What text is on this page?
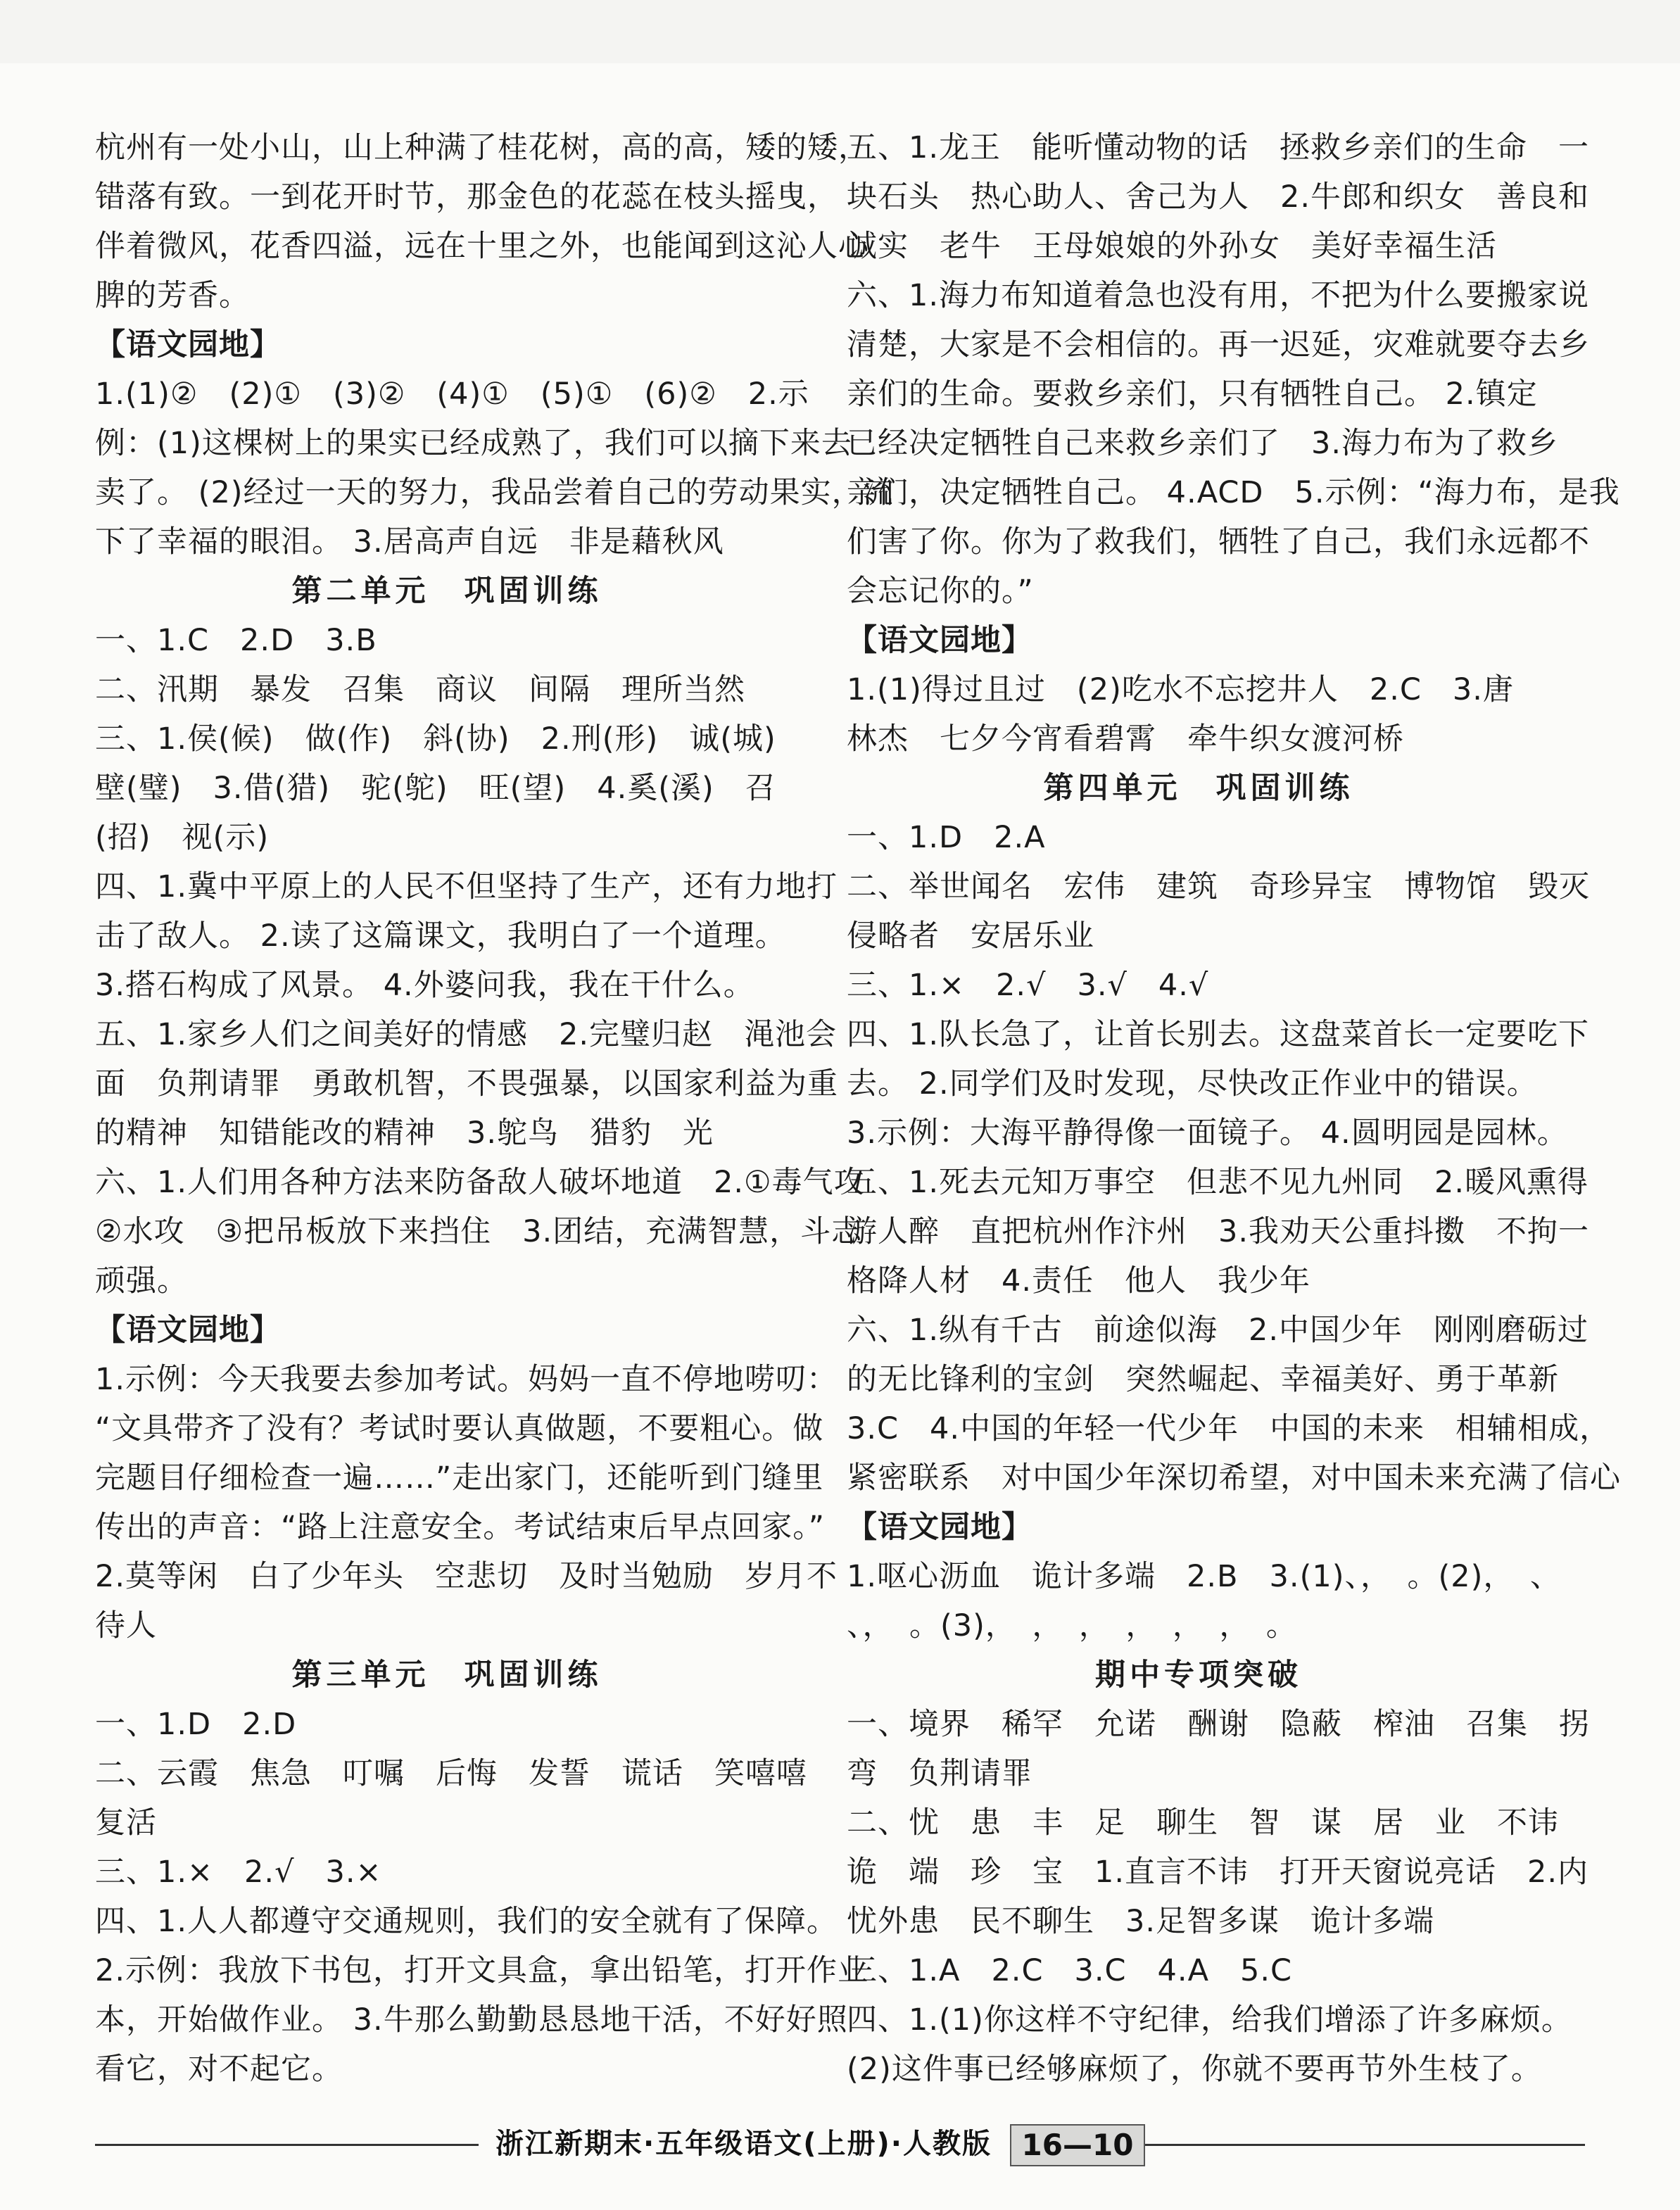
杭州有一处小山，山上种满了桂花树，高的高，矮的矮，
错落有致。一到花开时节，那金色的花蕊在枝头摇曳，
伴着微风，花香四溢，远在十里之外，也能闻到这沁人心
脾的芳香。
【语文园地】
1.(1)②　(2)①　(3)②　(4)①　(5)①　(6)②　2.示
例：(1)这棵树上的果实已经成熟了，我们可以摘下来去
卖了。 (2)经过一天的努力，我品尝着自己的劳动果实，流
下了幸福的眼泪。 3.居高声自远　非是藉秋风
第二单元　巩固训练
一、1.C　2.D　3.B
二、汛期　暴发　召集　商议　间隔　理所当然
三、1.侯(候)　做(作)　斜(协)　2.刑(形)　诚(城)
壁(璧)　3.借(猎)　驼(鸵)　旺(望)　4.奚(溪)　召
(招)　视(示)
四、1.冀中平原上的人民不但坚持了生产，还有力地打
击了敌人。 2.读了这篇课文，我明白了一个道理。
3.搭石构成了风景。 4.外婆问我，我在干什么。
五、1.家乡人们之间美好的情感　2.完璧归赵　渑池会
面　负荆请罪　勇敢机智，不畏强暴，以国家利益为重
的精神　知错能改的精神　3.鸵鸟　猎豹　光
六、1.人们用各种方法来防备敌人破坏地道　2.①毒气攻
②水攻　③把吊板放下来挡住　3.团结，充满智慧，斗志
顽强。
【语文园地】
1.示例：今天我要去参加考试。妈妈一直不停地唠叨：
“文具带齐了没有？考试时要认真做题，不要粗心。做
完题目仔细检查一遍……”走出家门，还能听到门缝里
传出的声音：“路上注意安全。考试结束后早点回家。”
2.莫等闲　白了少年头　空悲切　及时当勉励　岁月不
待人
第三单元　巩固训练
一、1.D　2.D
二、云霞　焦急　叮嘱　后悔　发誓　谎话　笑嘻嘻
复活
三、1.×　2.√　3.×
四、1.人人都遵守交通规则，我们的安全就有了保障。
2.示例：我放下书包，打开文具盒，拿出铅笔，打开作业
本，开始做作业。 3.牛那么勤勤恳恳地干活，不好好照
看它，对不起它。
五、1.龙王　能听懂动物的话　拯救乡亲们的生命　一
块石头　热心助人、舍己为人　2.牛郎和织女　善良和
诚实　老牛　王母娘娘的外孙女　美好幸福生活
六、1.海力布知道着急也没有用，不把为什么要搬家说
清楚，大家是不会相信的。再一迟延，灾难就要夺去乡
亲们的生命。要救乡亲们，只有牺牲自己。 2.镇定
已经决定牺牲自己来救乡亲们了　3.海力布为了救乡
亲们，决定牺牲自己。 4.ACD　5.示例：“海力布，是我
们害了你。你为了救我们，牺牲了自己，我们永远都不
会忘记你的。”
【语文园地】
1.(1)得过且过　(2)吃水不忘挖井人　2.C　3.唐
林杰　七夕今宵看碧霄　牵牛织女渡河桥
第四单元　巩固训练
一、1.D　2.A
二、举世闻名　宏伟　建筑　奇珍异宝　博物馆　毁灭
侵略者　安居乐业
三、1.×　2.√　3.√　4.√
四、1.队长急了，让首长别去。这盘菜首长一定要吃下
去。 2.同学们及时发现，尽快改正作业中的错误。
3.示例：大海平静得像一面镜子。 4.圆明园是园林。
五、1.死去元知万事空　但悲不见九州同　2.暖风熏得
游人醉　直把杭州作汴州　3.我劝天公重抖擞　不拘一
格降人材　4.责任　他人　我少年
六、1.纵有千古　前途似海　2.中国少年　刚刚磨砺过
的无比锋利的宝剑　突然崛起、幸福美好、勇于革新
3.C　4.中国的年轻一代少年　中国的未来　相辅相成，
紧密联系　对中国少年深切希望，对中国未来充满了信心
【语文园地】
1.呕心沥血　诡计多端　2.B　3.(1)、，　。(2)，　、
、，　。(3)，　，　，　，　，　，　。
期中专项突破
一、境界　稀罕　允诺　酬谢　隐蔽　榨油　召集　拐
弯　负荆请罪
二、忧　患　丰　足　聊生　智　谋　居　业　不讳
诡　端　珍　宝　1.直言不讳　打开天窗说亮话　2.内
忧外患　民不聊生　3.足智多谋　诡计多端
三、1.A　2.C　3.C　4.A　5.C
四、1.(1)你这样不守纪律，给我们增添了许多麻烦。
(2)这件事已经够麻烦了，你就不要再节外生枝了。
浙江新期末·五年级语文(上册)·人教版	16—10
